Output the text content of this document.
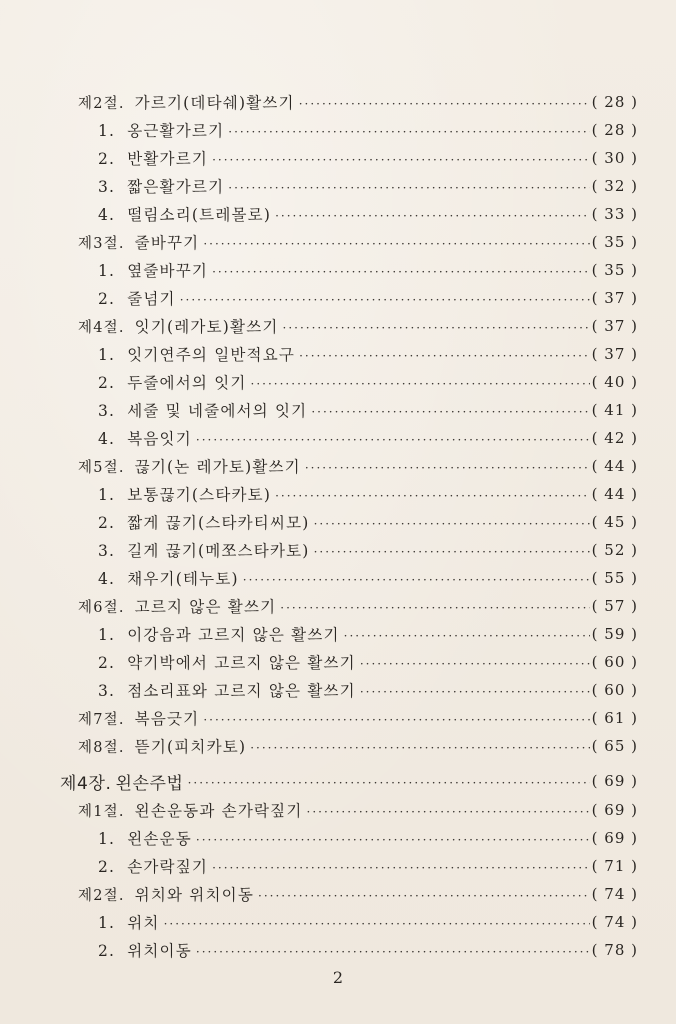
제2절. 가르기(데타쉐)활쓰기 ·····	( 28 )
1. 옹근활가르기 ·····	( 28 )
2. 반활가르기 ·····	( 30 )
3. 짧은활가르기 ·····	( 32 )
4. 떨림소리(트레몰로) ·····	( 33 )
제3절. 줄바꾸기 ·····	( 35 )
1. 옆줄바꾸기 ·····	( 35 )
2. 줄넘기 ·····	( 37 )
제4절. 잇기(레가토)활쓰기 ·····	( 37 )
1. 잇기연주의 일반적요구 ·····	( 37 )
2. 두줄에서의 잇기 ·····	( 40 )
3. 세줄 및 네줄에서의 잇기 ·····	( 41 )
4. 복음잇기 ·····	( 42 )
제5절. 끊기(논 레가토)활쓰기 ·····	( 44 )
1. 보통끊기(스타카토) ·····	( 44 )
2. 짧게 끊기(스타카티씨모) ·····	( 45 )
3. 길게 끊기(메쪼스타카토) ·····	( 52 )
4. 채우기(테누토) ·····	( 55 )
제6절. 고르지 않은 활쓰기 ·····	( 57 )
1. 이강음과 고르지 않은 활쓰기 ·····	( 59 )
2. 약기박에서 고르지 않은 활쓰기 ·····	( 60 )
3. 점소리표와 고르지 않은 활쓰기 ·····	( 60 )
제7절. 복음긋기 ·····	( 61 )
제8절. 뜯기(피치카토) ·····	( 65 )
제4장. 왼손주법 ·····	( 69 )
제1절. 왼손운동과 손가락짚기 ·····	( 69 )
1. 왼손운동 ·····	( 69 )
2. 손가락짚기 ·····	( 71 )
제2절. 위치와 위치이동 ·····	( 74 )
1. 위치 ·····	( 74 )
2. 위치이동 ·····	( 78 )
2
